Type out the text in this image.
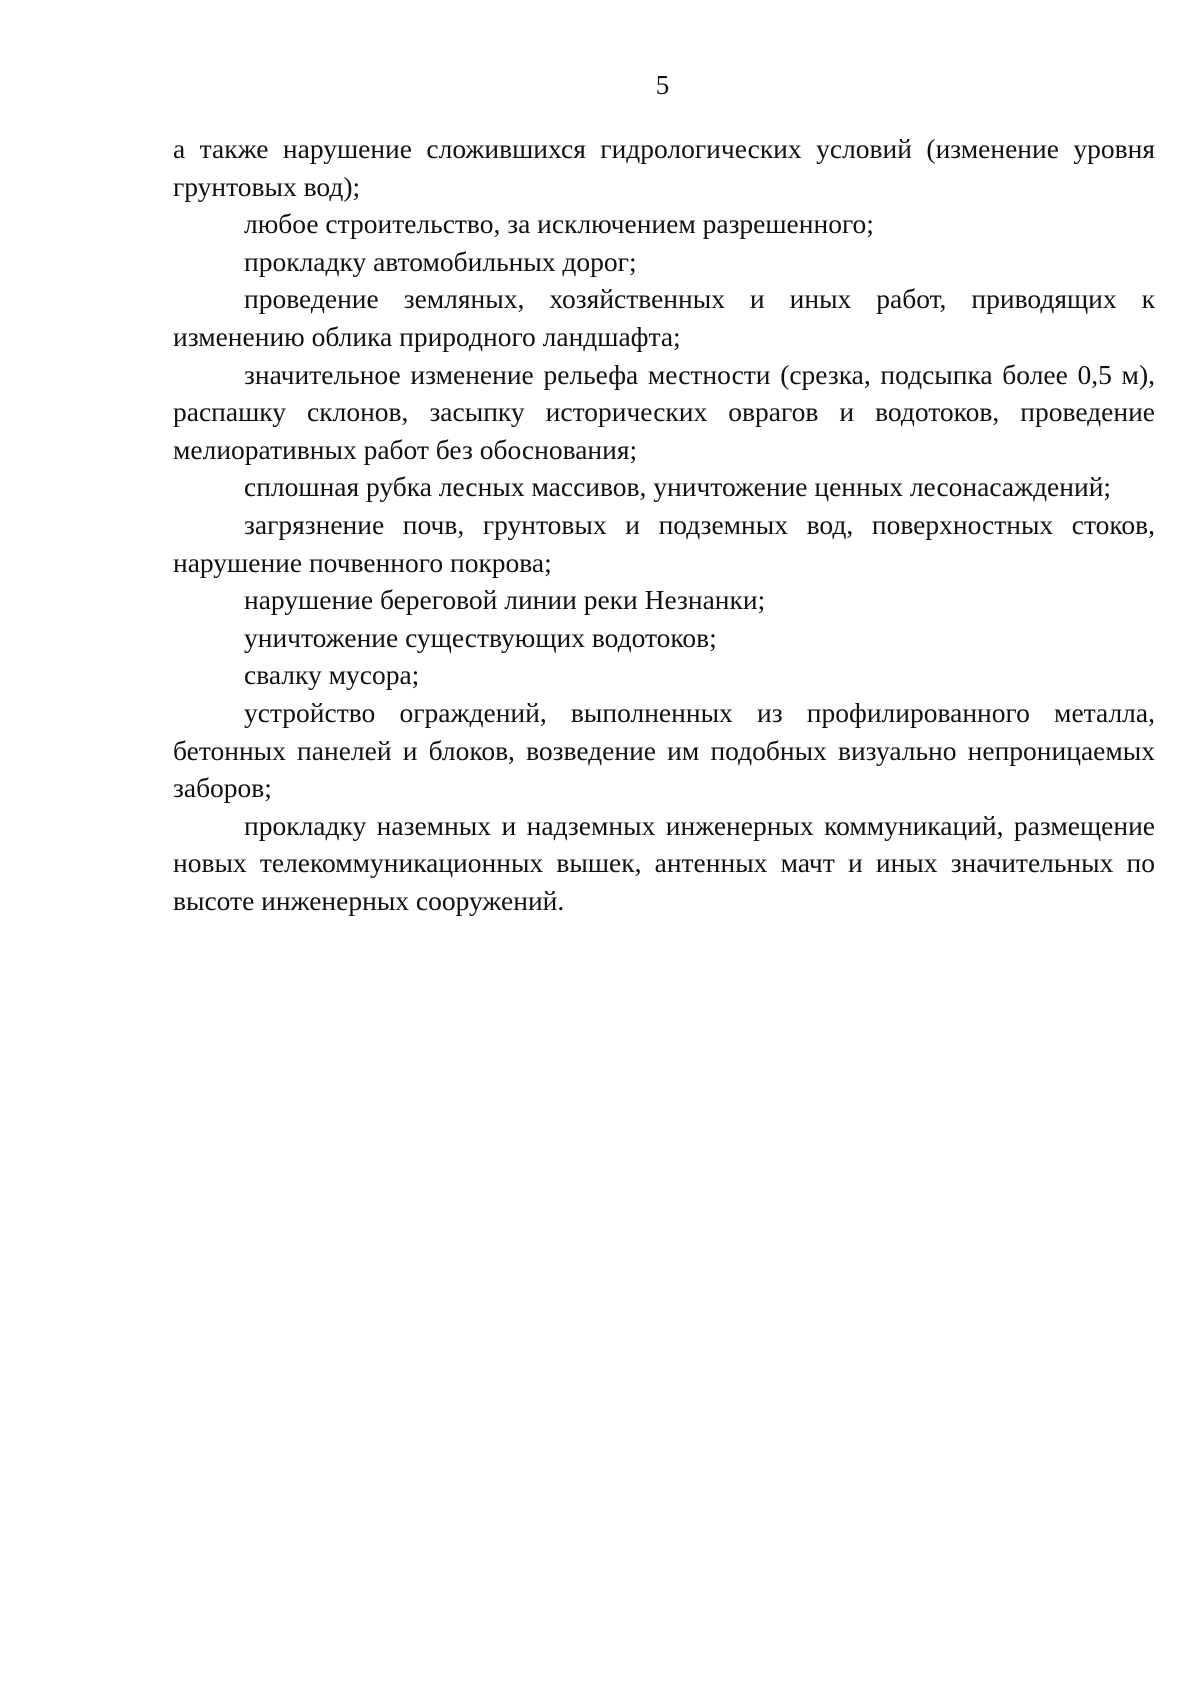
5

а также нарушение сложившихся гидрологических условий (изменение уровня грунтовых вод);

любое строительство, за исключением разрешенного;

прокладку автомобильных дорог;

проведение земляных, хозяйственных и иных работ, приводящих к изменению облика природного ландшафта;

значительное изменение рельефа местности (срезка, подсыпка более 0,5 м), распашку склонов, засыпку исторических оврагов и водотоков, проведение мелиоративных работ без обоснования;

сплошная рубка лесных массивов, уничтожение ценных лесонасаждений;

загрязнение почв, грунтовых и подземных вод, поверхностных стоков, нарушение почвенного покрова;

нарушение береговой линии реки Незнанки;

уничтожение существующих водотоков;

свалку мусора;

устройство ограждений, выполненных из профилированного металла, бетонных панелей и блоков, возведение им подобных визуально непроницаемых заборов;

прокладку наземных и надземных инженерных коммуникаций, размещение новых телекоммуникационных вышек, антенных мачт и иных значительных по высоте инженерных сооружений.
